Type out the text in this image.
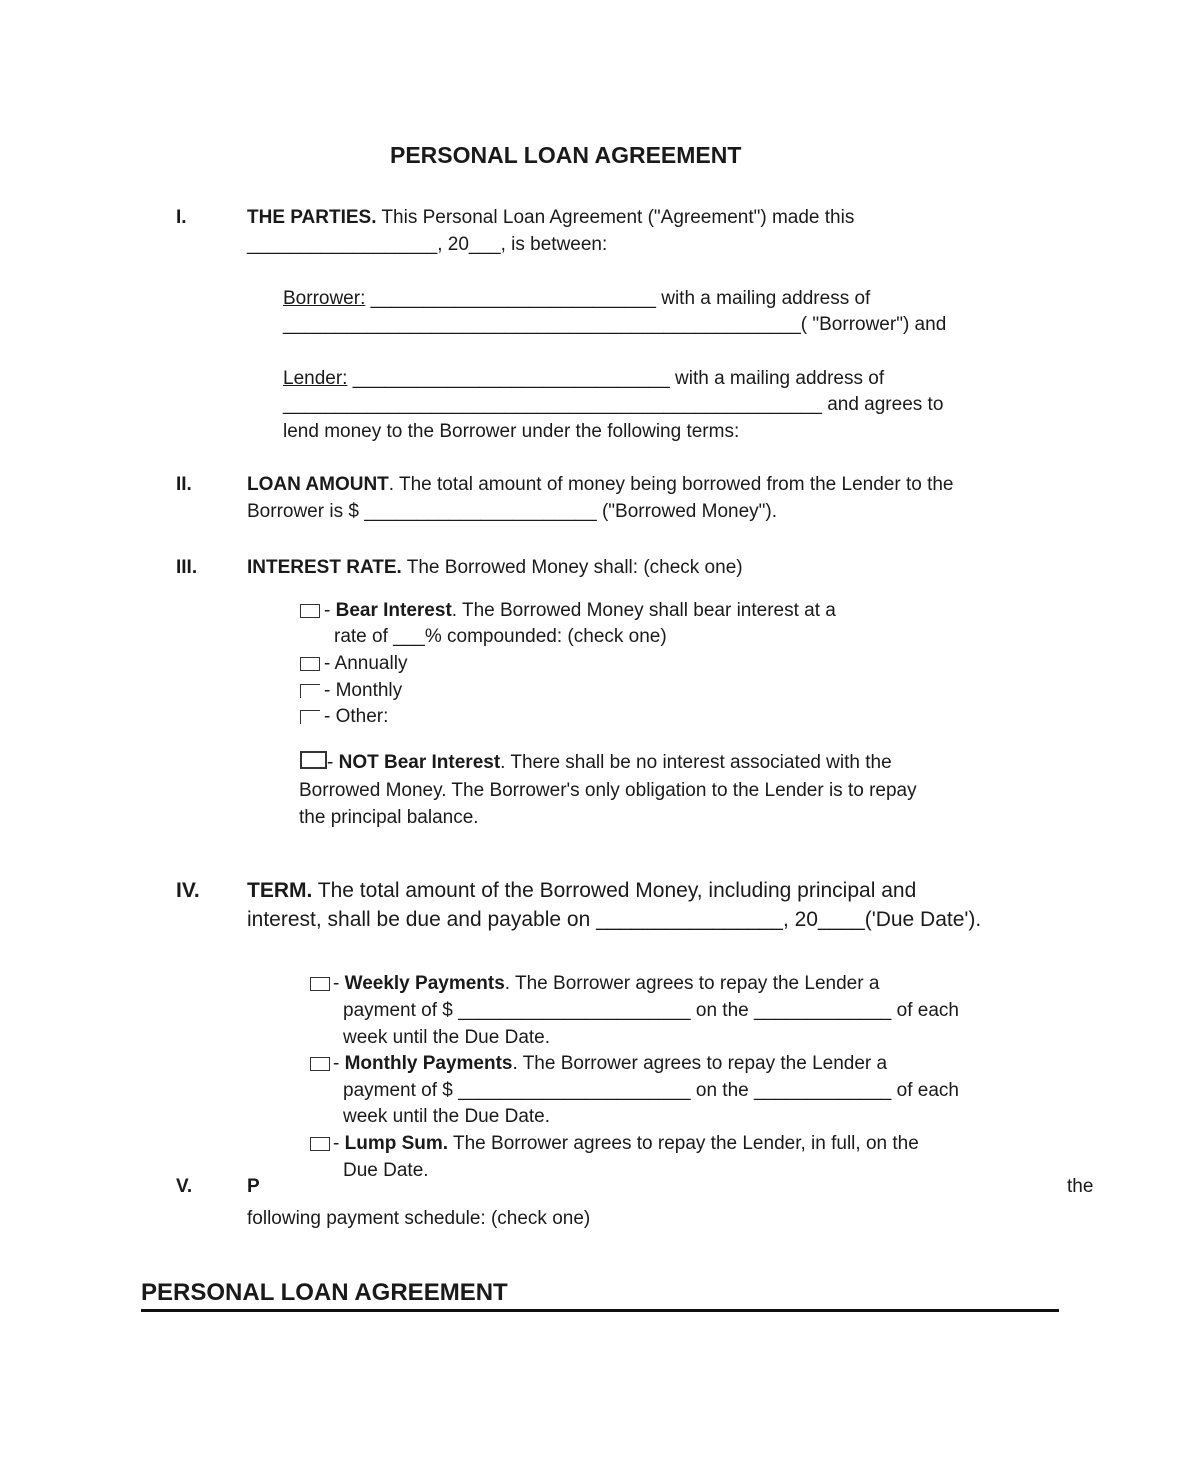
PERSONAL LOAN AGREEMENT
I.	THE PARTIES. This Personal Loan Agreement ("Agreement") made this
__________________, 20___, is between:
Borrower: ___________________________ with a mailing address of
_________________________________________________( "Borrower") and
Lender: ______________________________ with a mailing address of
___________________________________________________ and agrees to
lend money to the Borrower under the following terms:
II.	LOAN AMOUNT. The total amount of money being borrowed from the Lender to the
Borrower is $ ______________________ ("Borrowed Money").
III.	INTEREST RATE. The Borrowed Money shall: (check one)
- Bear Interest. The Borrowed Money shall bear interest at a
rate of ___% compounded: (check one)
- Annually
- Monthly
- Other:
- NOT Bear Interest. There shall be no interest associated with the
Borrowed Money. The Borrower's only obligation to the Lender is to repay
the principal balance.
IV. TERM. The total amount of the Borrowed Money, including principal and
interest, shall be due and payable on ________________, 20____('Due Date').
- Weekly Payments. The Borrower agrees to repay the Lender a
payment of $ ______________________ on the _____________ of each
week until the Due Date.
- Monthly Payments. The Borrower agrees to repay the Lender a
payment of $ ______________________ on the _____________ of each
week until the Due Date.
- Lump Sum. The Borrower agrees to repay the Lender, in full, on the
Due Date.
V.	P	the
following payment schedule: (check one)
PERSONAL LOAN AGREEMENT
